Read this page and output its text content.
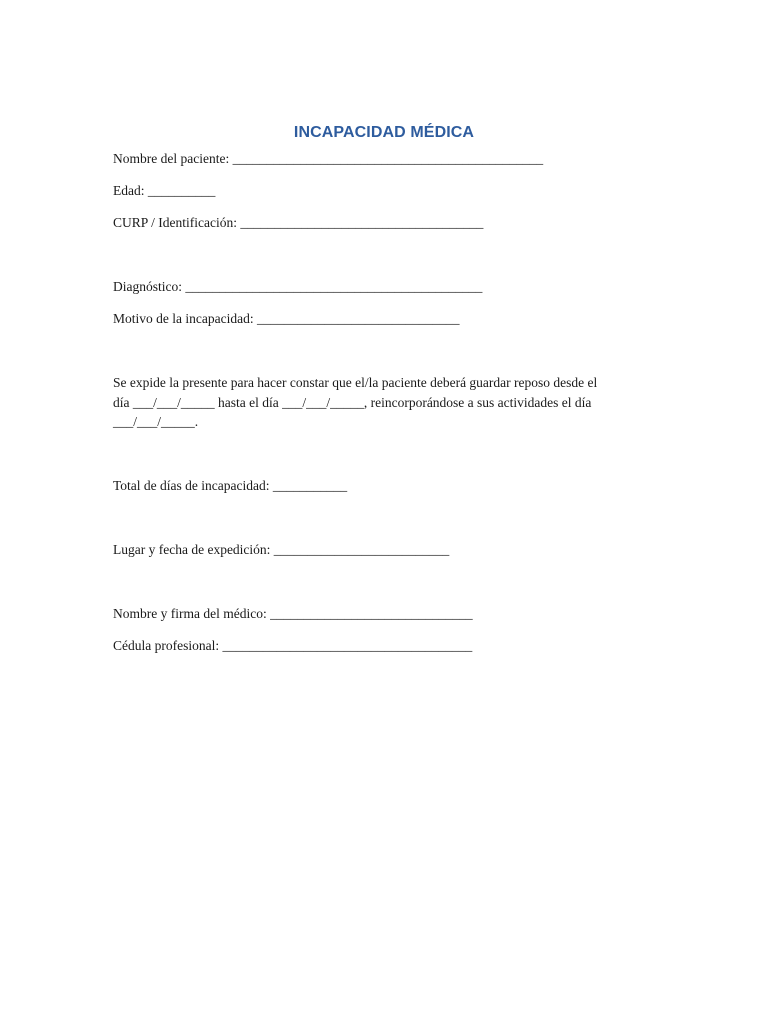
INCAPACIDAD MÉDICA
Nombre del paciente: ______________________________________________
Edad: __________
CURP / Identificación: ____________________________________
Diagnóstico: ____________________________________________
Motivo de la incapacidad: ______________________________
Se expide la presente para hacer constar que el/la paciente deberá guardar reposo desde el
día ___/___/_____ hasta el día ___/___/_____, reincorporándose a sus actividades el día
___/___/_____.
Total de días de incapacidad: ___________
Lugar y fecha de expedición: __________________________
Nombre y firma del médico: ______________________________
Cédula profesional: _____________________________________
